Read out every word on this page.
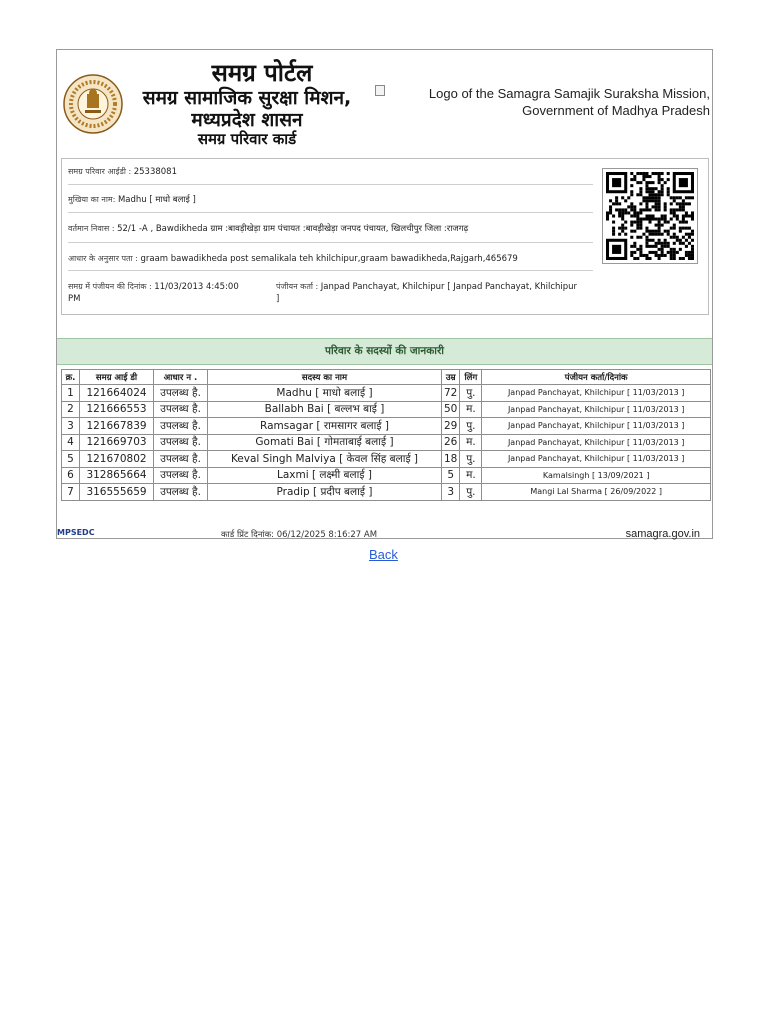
समग्र पोर्टल
समग्र सामाजिक सुरक्षा मिशन,
मध्यप्रदेश शासन
समग्र परिवार कार्ड
Logo of the Samagra Samajik Suraksha Mission,
Government of Madhya Pradesh
समग्र परिवार आईडी : 25338081
मुखिया का नाम: Madhu [ माधो बलाई ]
वर्तमान निवास : 52/1 -A , Bawdikheda ग्राम :बावड़ीखेड़ा ग्राम पंचायत :बावड़ीखेड़ा जनपद पंचायत, खिलचीपुर जिला :राजगढ़
आधार के अनुसार पता : graam bawadikheda post semalikala teh khilchipur,graam bawadikheda,Rajgarh,465679
समग्र में पंजीयन की दिनांक : 11/03/2013 4:45:00
PM
पंजीयन कर्ता : Janpad Panchayat, Khilchipur [ Janpad Panchayat, Khilchipur
]
परिवार के सदस्यों की जानकारी
क्र.	समग्र आई डी	आधार न .	सदस्य का नाम	उम्र	लिंग	पंजीयन कर्ता/दिनांक
1	121664024	उपलब्ध है.	Madhu [ माधो बलाई ]	72	पु.	Janpad Panchayat, Khilchipur [ 11/03/2013 ]
2	121666553	उपलब्ध है.	Ballabh Bai [ बल्लभ बाई ]	50	म.	Janpad Panchayat, Khilchipur [ 11/03/2013 ]
3	121667839	उपलब्ध है.	Ramsagar [ रामसागर बलाई ]	29	पु.	Janpad Panchayat, Khilchipur [ 11/03/2013 ]
4	121669703	उपलब्ध है.	Gomati Bai [ गोमताबाई बलाई ]	26	म.	Janpad Panchayat, Khilchipur [ 11/03/2013 ]
5	121670802	उपलब्ध है.	Keval Singh Malviya [ केवल सिंह बलाई ]	18	पु.	Janpad Panchayat, Khilchipur [ 11/03/2013 ]
6	312865664	उपलब्ध है.	Laxmi [ लक्ष्मी बलाई ]	5	म.	Kamalsingh [ 13/09/2021 ]
7	316555659	उपलब्ध है.	Pradip [ प्रदीप बलाई ]	3	पु.	Mangi Lal Sharma [ 26/09/2022 ]
MPSEDC	कार्ड प्रिंट दिनांक: 06/12/2025 8:16:27 AM	samagra.gov.in
Back
